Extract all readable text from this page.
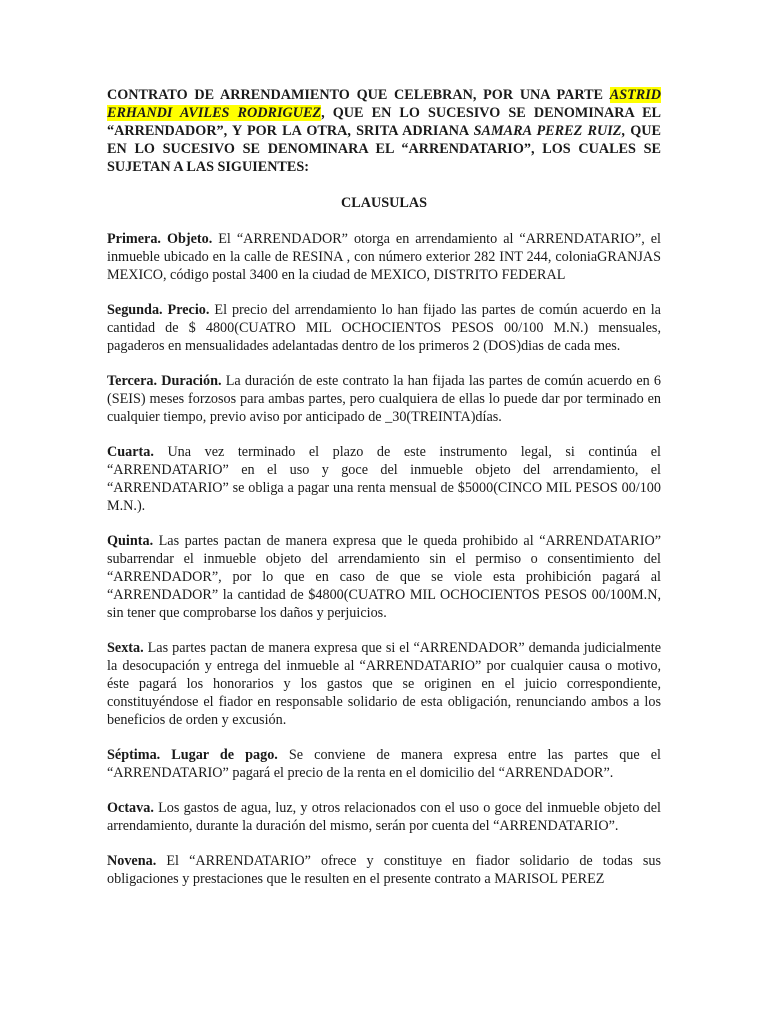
CONTRATO DE ARRENDAMIENTO QUE CELEBRAN, POR UNA PARTE ASTRID ERHANDI AVILES RODRIGUEZ, QUE EN LO SUCESIVO SE DENOMINARA EL “ARRENDADOR”, Y POR LA OTRA, SRITA ADRIANA SAMARA PEREZ RUIZ, QUE EN LO SUCESIVO SE DENOMINARA EL “ARRENDATARIO”, LOS CUALES SE SUJETAN A LAS SIGUIENTES:

CLAUSULAS

Primera. Objeto. El “ARRENDADOR” otorga en arrendamiento al “ARRENDATARIO”, el inmueble ubicado en la calle de RESINA , con número exterior 282 INT 244, coloniaGRANJAS MEXICO, código postal 3400 en la ciudad de MEXICO, DISTRITO FEDERAL

Segunda. Precio. El precio del arrendamiento lo han fijado las partes de común acuerdo en la cantidad de $ 4800(CUATRO MIL OCHOCIENTOS PESOS 00/100 M.N.) mensuales, pagaderos en mensualidades adelantadas dentro de los primeros 2 (DOS)dias de cada mes.

Tercera. Duración. La duración de este contrato la han fijada las partes de común acuerdo en 6 (SEIS) meses forzosos para ambas partes, pero cualquiera de ellas lo puede dar por terminado en cualquier tiempo, previo aviso por anticipado de _30(TREINTA)días.

Cuarta. Una vez terminado el plazo de este instrumento legal, si continúa el “ARRENDATARIO” en el uso y goce del inmueble objeto del arrendamiento, el “ARRENDATARIO” se obliga a pagar una renta mensual de $5000(CINCO MIL PESOS 00/100 M.N.).

Quinta. Las partes pactan de manera expresa que le queda prohibido al “ARRENDATARIO” subarrendar el inmueble objeto del arrendamiento sin el permiso o consentimiento del “ARRENDADOR”, por lo que en caso de que se viole esta prohibición pagará al “ARRENDADOR” la cantidad de $4800(CUATRO MIL OCHOCIENTOS PESOS 00/100M.N, sin tener que comprobarse los daños y perjuicios.

Sexta. Las partes pactan de manera expresa que si el “ARRENDADOR” demanda judicialmente la desocupación y entrega del inmueble al “ARRENDATARIO” por cualquier causa o motivo, éste pagará los honorarios y los gastos que se originen en el juicio correspondiente, constituyéndose el fiador en responsable solidario de esta obligación, renunciando ambos a los beneficios de orden y excusión.

Séptima. Lugar de pago. Se conviene de manera expresa entre las partes que el “ARRENDATARIO” pagará el precio de la renta en el domicilio del “ARRENDADOR”.

Octava. Los gastos de agua, luz, y otros relacionados con el uso o goce del inmueble objeto del arrendamiento, durante la duración del mismo, serán por cuenta del “ARRENDATARIO”.

Novena. El “ARRENDATARIO” ofrece y constituye en fiador solidario de todas sus obligaciones y prestaciones que le resulten en el presente contrato a MARISOL PEREZ
